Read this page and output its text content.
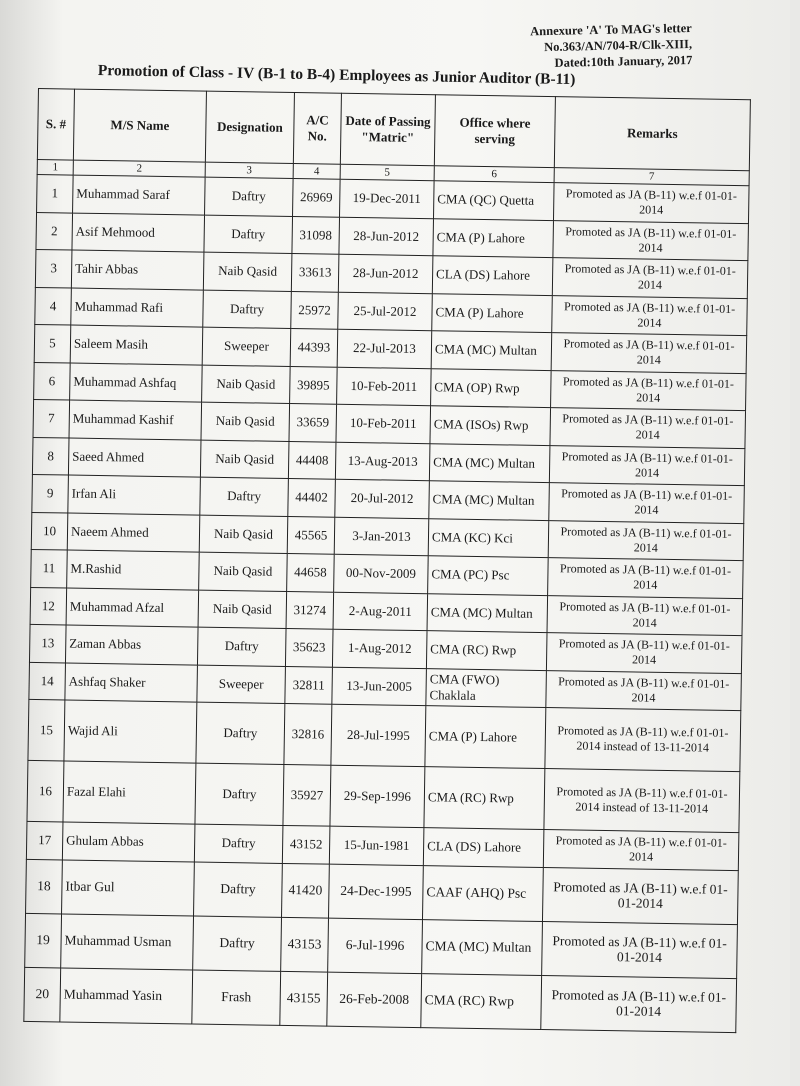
Annexure 'A' To MAG's letter
No.363/AN/704-R/Clk-XIII,
Dated:10th January, 2017
Promotion of Class - IV (B-1 to B-4) Employees as Junior Auditor (B-11)
S. #	M/S Name	Designation	A/C No.	Date of Passing "Matric"	Office where serving	Remarks
1	2	3	4	5	6	7
1	Muhammad Saraf	Daftry	26969	19-Dec-2011	CMA (QC) Quetta	Promoted as JA (B-11) w.e.f 01-01-2014
2	Asif Mehmood	Daftry	31098	28-Jun-2012	CMA (P) Lahore	Promoted as JA (B-11) w.e.f 01-01-2014
3	Tahir Abbas	Naib Qasid	33613	28-Jun-2012	CLA (DS) Lahore	Promoted as JA (B-11) w.e.f 01-01-2014
4	Muhammad Rafi	Daftry	25972	25-Jul-2012	CMA (P) Lahore	Promoted as JA (B-11) w.e.f 01-01-2014
5	Saleem Masih	Sweeper	44393	22-Jul-2013	CMA (MC) Multan	Promoted as JA (B-11) w.e.f 01-01-2014
6	Muhammad Ashfaq	Naib Qasid	39895	10-Feb-2011	CMA (OP) Rwp	Promoted as JA (B-11) w.e.f 01-01-2014
7	Muhammad Kashif	Naib Qasid	33659	10-Feb-2011	CMA (ISOs) Rwp	Promoted as JA (B-11) w.e.f 01-01-2014
8	Saeed Ahmed	Naib Qasid	44408	13-Aug-2013	CMA (MC) Multan	Promoted as JA (B-11) w.e.f 01-01-2014
9	Irfan Ali	Daftry	44402	20-Jul-2012	CMA (MC) Multan	Promoted as JA (B-11) w.e.f 01-01-2014
10	Naeem Ahmed	Naib Qasid	45565	3-Jan-2013	CMA (KC) Kci	Promoted as JA (B-11) w.e.f 01-01-2014
11	M.Rashid	Naib Qasid	44658	00-Nov-2009	CMA (PC) Psc	Promoted as JA (B-11) w.e.f 01-01-2014
12	Muhammad Afzal	Naib Qasid	31274	2-Aug-2011	CMA (MC) Multan	Promoted as JA (B-11) w.e.f 01-01-2014
13	Zaman Abbas	Daftry	35623	1-Aug-2012	CMA (RC) Rwp	Promoted as JA (B-11) w.e.f 01-01-2014
14	Ashfaq Shaker	Sweeper	32811	13-Jun-2005	CMA (FWO) Chaklala	Promoted as JA (B-11) w.e.f 01-01-2014
15	Wajid Ali	Daftry	32816	28-Jul-1995	CMA (P) Lahore	Promoted as JA (B-11) w.e.f 01-01-2014 instead of 13-11-2014
16	Fazal Elahi	Daftry	35927	29-Sep-1996	CMA (RC) Rwp	Promoted as JA (B-11) w.e.f 01-01-2014 instead of 13-11-2014
17	Ghulam Abbas	Daftry	43152	15-Jun-1981	CLA (DS) Lahore	Promoted as JA (B-11) w.e.f 01-01-2014
18	Itbar Gul	Daftry	41420	24-Dec-1995	CAAF (AHQ) Psc	Promoted as JA (B-11) w.e.f 01-01-2014
19	Muhammad Usman	Daftry	43153	6-Jul-1996	CMA (MC) Multan	Promoted as JA (B-11) w.e.f 01-01-2014
20	Muhammad Yasin	Frash	43155	26-Feb-2008	CMA (RC) Rwp	Promoted as JA (B-11) w.e.f 01-01-2014
